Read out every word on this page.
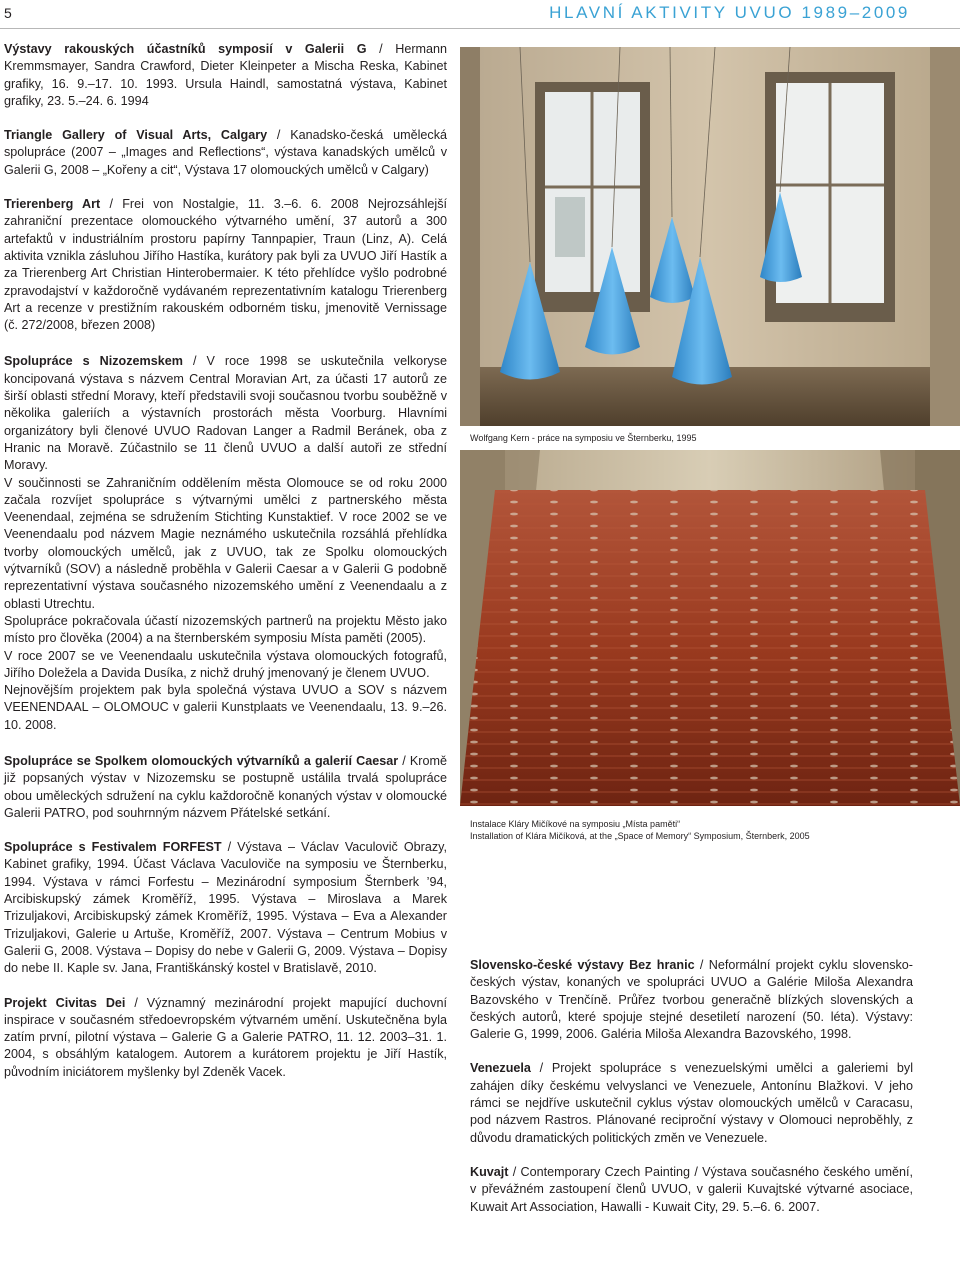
5	HLAVNÍ AKTIVITY UVUO 1989–2009

Výstavy rakouských účastníků symposií v Galerii G / Hermann Kremmsmayer, Sandra Crawford, Dieter Kleinpeter a Mischa Reska, Kabinet grafiky, 16. 9.–17. 10. 1993. Ursula Haindl, samostatná výstava, Kabinet grafiky, 23. 5.–24. 6. 1994

Triangle Gallery of Visual Arts, Calgary / Kanadsko-česká umělecká spolupráce (2007 – „Images and Reflections“, výstava kanadských umělců v Galerii G, 2008 – „Kořeny a cit“, Výstava 17 olomouckých umělců v Calgary)

Trierenberg Art / Frei von Nostalgie, 11. 3.–6. 6. 2008 Nejrozsáhlejší zahraniční prezentace olomouckého výtvarného umění, 37 autorů a 300 artefaktů v industriálním prostoru papírny Tannpapier, Traun (Linz, A). Celá aktivita vznikla zásluhou Jiřího Hastíka, kurátory pak byli za UVUO Jiří Hastík a za Trierenberg Art Christian Hinterobermaier. K této přehlídce vyšlo podrobné zpravodajství v každoročně vydávaném reprezentativním katalogu Trierenberg Art a recenze v prestižním rakouském odborném tisku, jmenovitě Vernissage (č. 272/2008, březen 2008)

Spolupráce s Nizozemskem / V roce 1998 se uskutečnila velkoryse koncipovaná výstava s názvem Central Moravian Art, za účasti 17 autorů ze širší oblasti střední Moravy, kteří představili svoji současnou tvorbu souběžně v několika galeriích a výstavních prostorách města Voorburg. Hlavními organizátory byli členové UVUO Radovan Langer a Radmil Beránek, oba z Hranic na Moravě. Zúčastnilo se 11 členů UVUO a další autoři ze střední Moravy.

V součinnosti se Zahraničním oddělením města Olomouce se od roku 2000 začala rozvíjet spolupráce s výtvarnými umělci z partnerského města Veenendaal, zejména se sdružením Stichting Kunstaktief. V roce 2002 se ve Veenendaalu pod názvem Magie neznámého uskutečnila rozsáhlá přehlídka tvorby olomouckých umělců, jak z UVUO, tak ze Spolku olomouckých výtvarníků (SOV) a následně proběhla v Galerii Caesar a v Galerii G podobně reprezentativní výstava současného nizozemského umění z Veenendaalu a z oblasti Utrechtu.

Spolupráce pokračovala účastí nizozemských partnerů na projektu Město jako místo pro člověka (2004) a na šternberském symposiu Místa paměti (2005).

V roce 2007 se ve Veenendaalu uskutečnila výstava olomouckých fotografů, Jiřího Doležela a Davida Dusíka, z nichž druhý jmenovaný je členem UVUO.

Nejnovějším projektem pak byla společná výstava UVUO a SOV s názvem VEENENDAAL – OLOMOUC v galerii Kunstplaats ve Veenendaalu, 13. 9.–26. 10. 2008.

Spolupráce se Spolkem olomouckých výtvarníků a galerií Caesar / Kromě již popsaných výstav v Nizozemsku se postupně ustálila trvalá spolupráce obou uměleckých sdružení na cyklu každoročně konaných výstav v olomoucké Galerii PATRO, pod souhrnným názvem Přátelské setkání.

Spolupráce s Festivalem FORFEST / Výstava – Václav Vaculovič Obrazy, Kabinet grafiky, 1994. Účast Václava Vaculoviče na symposiu ve Šternberku, 1994. Výstava v rámci Forfestu – Mezinárodní symposium Šternberk ’94, Arcibiskupský zámek Kroměříž, 1995. Výstava – Miroslava a Marek Trizuljakovi, Arcibiskupský zámek Kroměříž, 1995. Výstava – Eva a Alexander Trizuljakovi, Galerie u Artuše, Kroměříž, 2007. Výstava – Centrum Mobius v Galerii G, 2008. Výstava – Dopisy do nebe v Galerii G, 2009. Výstava – Dopisy do nebe II. Kaple sv. Jana, Františkánský kostel v Bratislavě, 2010.

Projekt Civitas Dei / Významný mezinárodní projekt mapující duchovní inspirace v současném středoevropském výtvarném umění. Uskutečněna byla zatím první, pilotní výstava – Galerie G a Galerie PATRO, 11. 12. 2003–31. 1. 2004, s obsáhlým katalogem. Autorem a kurátorem projektu je Jiří Hastík, původním iniciátorem myšlenky byl Zdeněk Vacek.

Wolfgang Kern - práce na symposiu ve Šternberku, 1995
Instalace Kláry Mičíkové na symposiu „Místa paměti“
Installation of Klára Mičíková, at the „Space of Memory“ Symposium, Šternberk, 2005

Slovensko-české výstavy Bez hranic / Neformální projekt cyklu slovensko-českých výstav, konaných ve spolupráci UVUO a Galérie Miloša Alexandra Bazovského v Trenčíně. Průřez tvorbou generačně blízkých slovenských a českých autorů, které spojuje stejné desetiletí narození (50. léta). Výstavy: Galerie G, 1999, 2006. Galéria Miloša Alexandra Bazovského, 1998.

Venezuela / Projekt spolupráce s venezuelskými umělci a galeriemi byl zahájen díky českému velvyslanci ve Venezuele, Antonínu Blažkovi. V jeho rámci se nejdříve uskutečnil cyklus výstav olomouckých umělců v Caracasu, pod názvem Rastros. Plánované reciproční výstavy v Olomouci neproběhly, z důvodu dramatických politických změn ve Venezuele.

Kuvajt / Contemporary Czech Painting / Výstava současného českého umění, v převážném zastoupení členů UVUO, v galerii Kuvajtské výtvarné asociace, Kuwait Art Association, Hawalli - Kuwait City, 29. 5.–6. 6. 2007.
